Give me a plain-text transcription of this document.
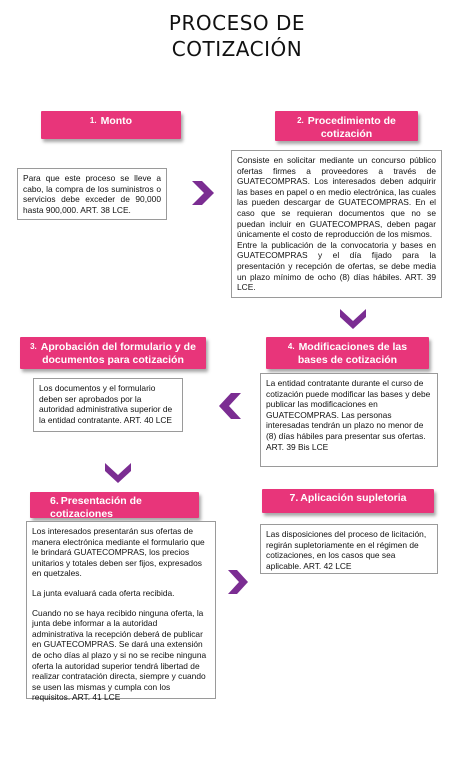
PROCESO DE
COTIZACIÓN
1. Monto

Para que este proceso se lleve a cabo, la compra de los suministros o servicios debe exceder de 90,000 hasta 900,000. ART. 38 LCE.

2. Procedimiento de cotización

Consiste en solicitar mediante un concurso público ofertas firmes a proveedores a través de GUATECOMPRAS. Los interesados deben adquirir las bases en papel o en medio electrónica, las cuales las pueden descargar de GUATECOMPRAS. En el caso que se requieran documentos que no se puedan incluir en GUATECOMPRAS, deben pagar únicamente el costo de reproducción de los mismos.

Entre la publicación de la convocatoria y bases en GUATECOMPRAS y el día fijado para la presentación y recepción de ofertas, se debe media un plazo mínimo de ocho (8) días hábiles. ART. 39 LCE.

3. Aprobación del formulario y de documentos para cotización

Los documentos y el formulario deben ser aprobados por la autoridad administrativa superior de la entidad contratante. ART. 40 LCE

4. Modificaciones de las bases de cotización

La entidad contratante durante el curso de cotización puede modificar las bases y debe publicar las modificaciones en GUATECOMPRAS. Las personas interesadas tendrán un plazo no menor de (8) días hábiles para presentar sus ofertas. ART. 39 Bis LCE

6. Presentación de cotizaciones

Los interesados presentarán sus ofertas de manera electrónica mediante el formulario que le brindará GUATECOMPRAS, los precios unitarios y totales deben ser fijos, expresados en quetzales.

La junta evaluará cada oferta recibida.

Cuando no se haya recibido ninguna oferta, la junta debe informar a la autoridad administrativa la recepción deberá de publicar en GUATECOMPRAS. Se dará una extensión de ocho días al plazo y si no se recibe ninguna oferta la autoridad superior tendrá libertad de realizar contratación directa, siempre y cuando se usen las mismas y cumpla con los requisitos. ART. 41 LCE

7. Aplicación supletoria

Las disposiciones del proceso de licitación, regirán supletoriamente en el régimen de cotizaciones, en los casos que sea aplicable. ART. 42 LCE
